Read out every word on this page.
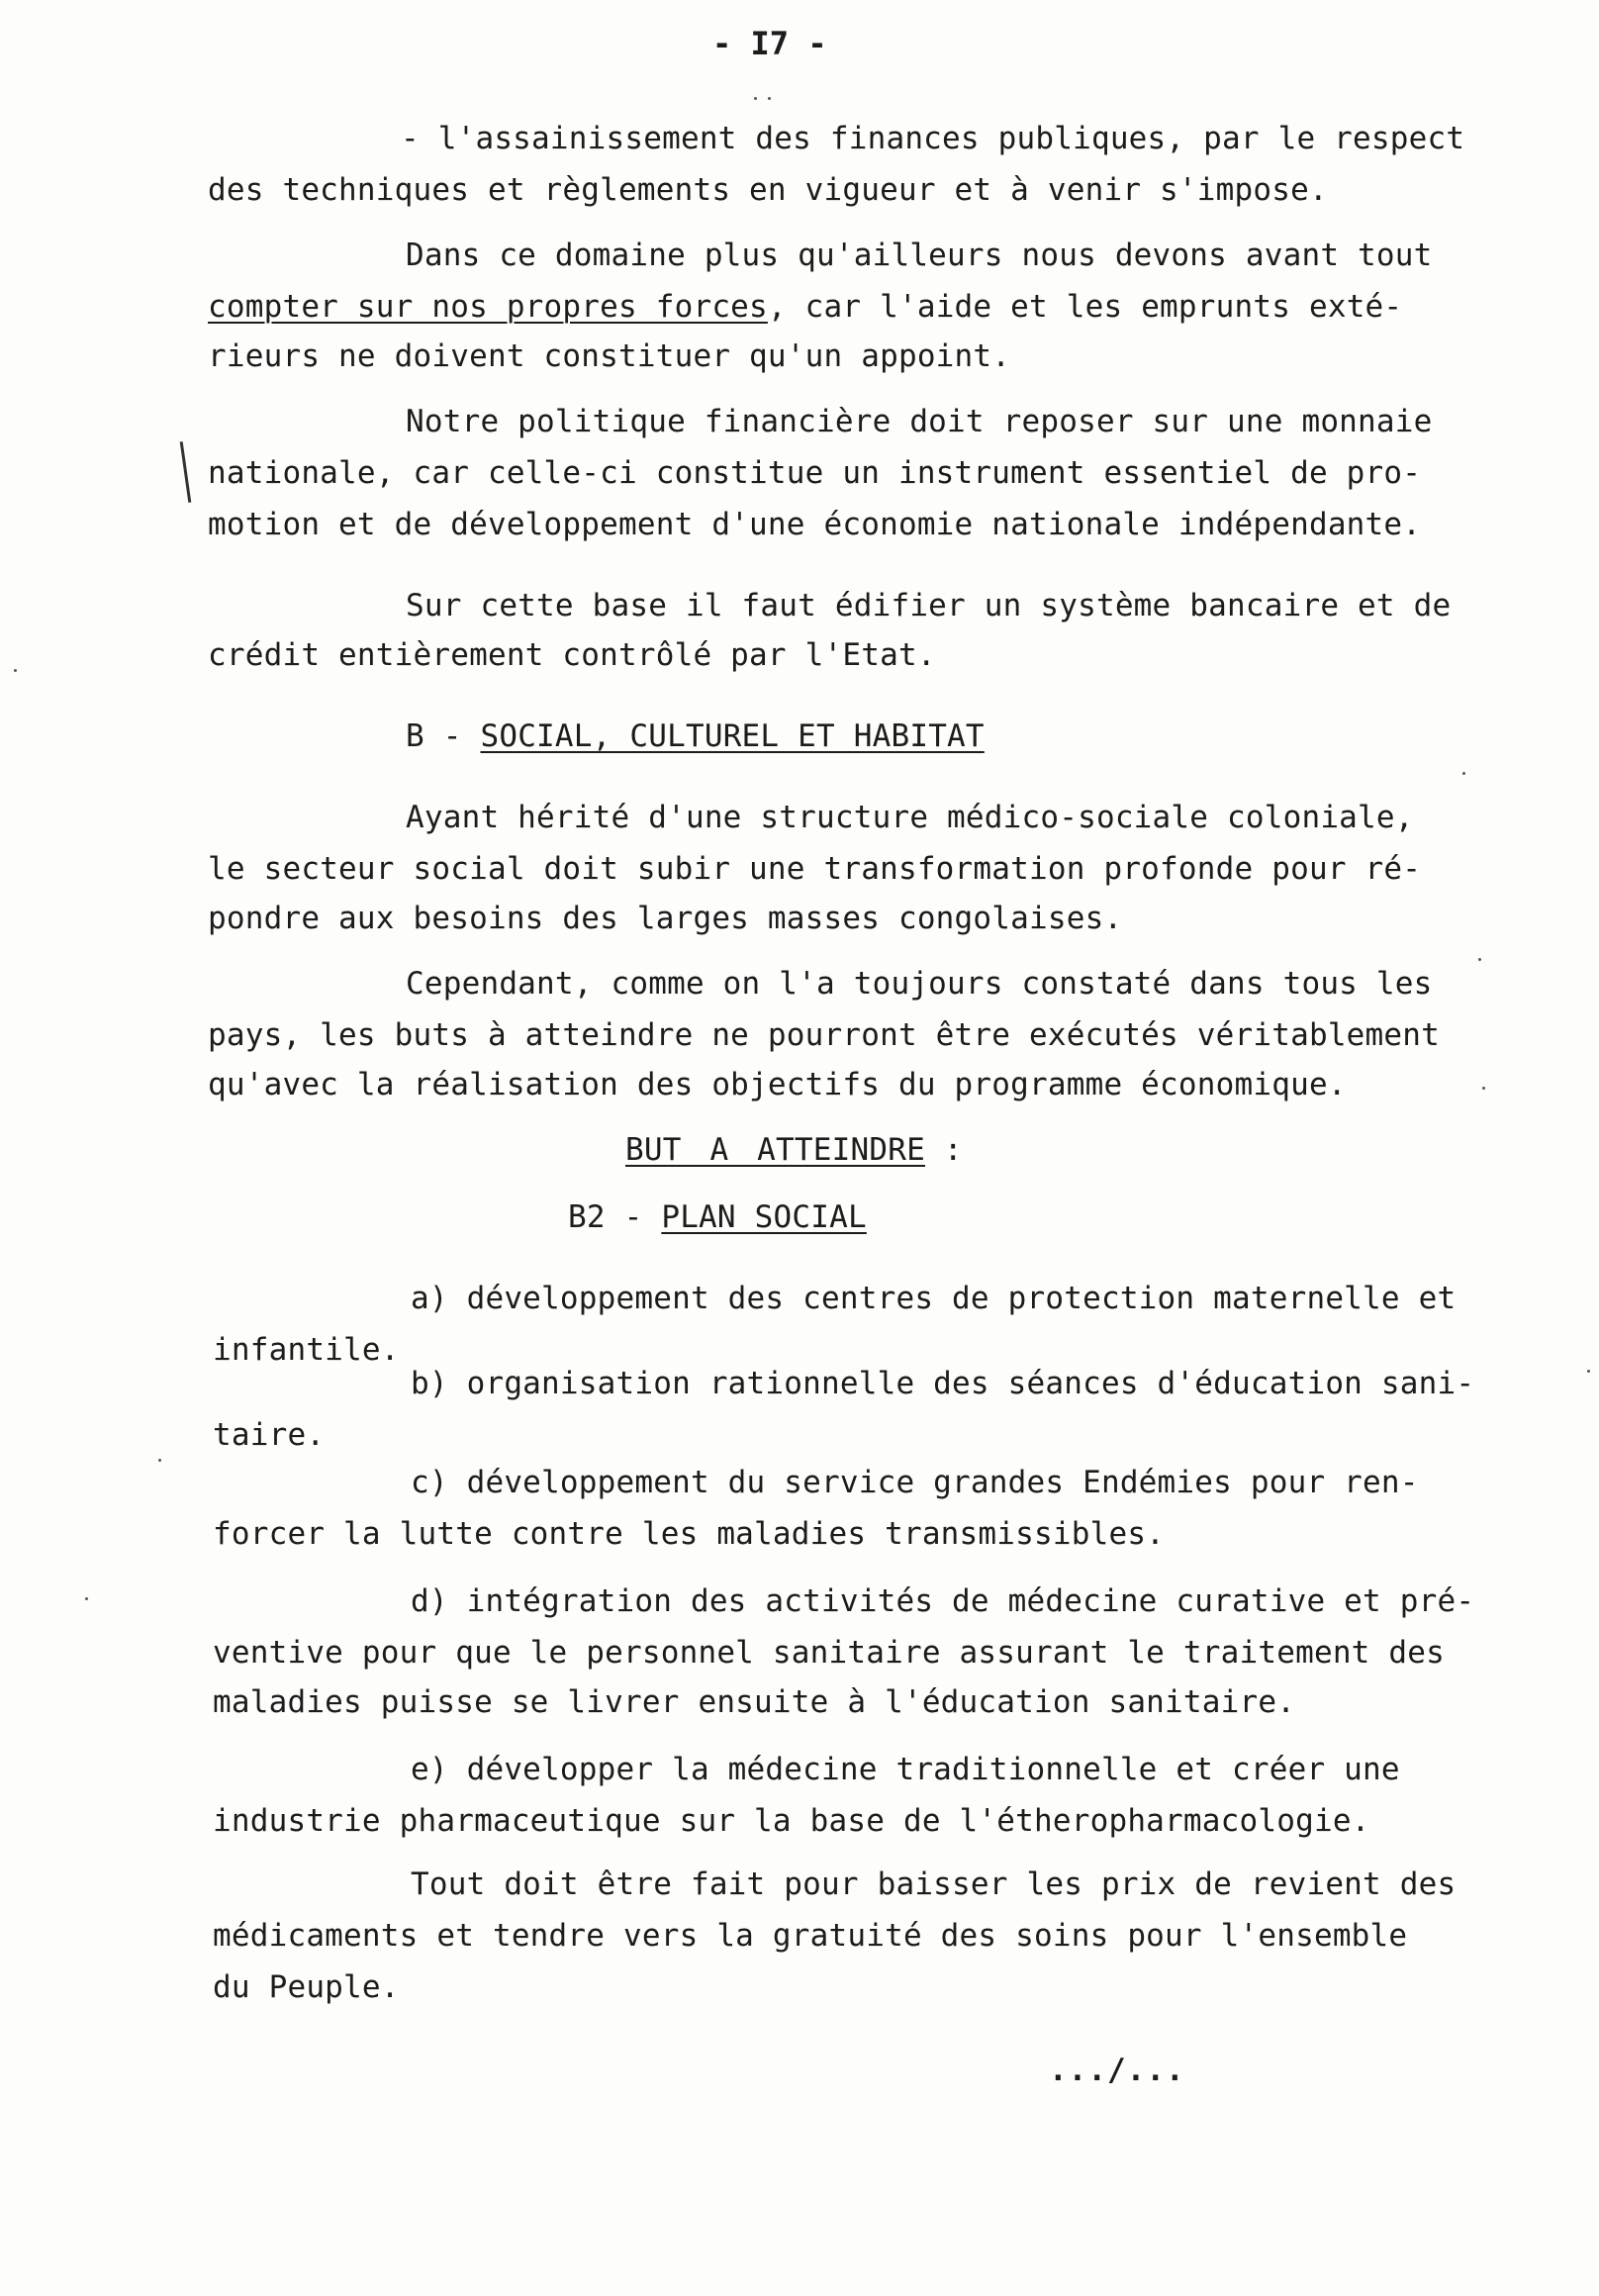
- I7 -
- l'assainissement des finances publiques, par le respect
des techniques et règlements en vigueur et à venir s'impose.
Dans ce domaine plus qu'ailleurs nous devons avant tout
compter sur nos propres forces, car l'aide et les emprunts exté-
rieurs ne doivent constituer qu'un appoint.
Notre politique financière doit reposer sur une monnaie
nationale, car celle-ci constitue un instrument essentiel de pro-
motion et de développement d'une économie nationale indépendante.
Sur cette base il faut édifier un système bancaire et de
crédit entièrement contrôlé par l'Etat.
B - SOCIAL, CULTUREL ET HABITAT
Ayant hérité d'une structure médico-sociale coloniale,
le secteur social doit subir une transformation profonde pour ré-
pondre aux besoins des larges masses congolaises.
Cependant, comme on l'a toujours constaté dans tous les
pays, les buts à atteindre ne pourront être exécutés véritablement
qu'avec la réalisation des objectifs du programme économique.
BUT A ATTEINDRE :
B2 - PLAN SOCIAL
a) développement des centres de protection maternelle et
infantile.
b) organisation rationnelle des séances d'éducation sani-
taire.
c) développement du service grandes Endémies pour ren-
forcer la lutte contre les maladies transmissibles.
d) intégration des activités de médecine curative et pré-
ventive pour que le personnel sanitaire assurant le traitement des
maladies puisse se livrer ensuite à l'éducation sanitaire.
e) développer la médecine traditionnelle et créer une
industrie pharmaceutique sur la base de l'étheropharmacologie.
Tout doit être fait pour baisser les prix de revient des
médicaments et tendre vers la gratuité des soins pour l'ensemble
du Peuple.
.../...
